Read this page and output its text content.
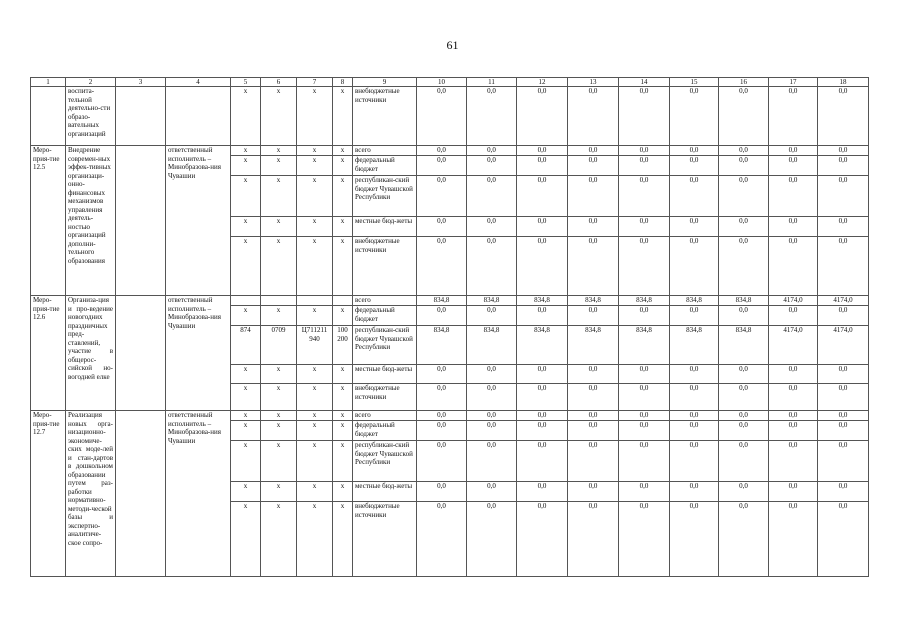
61
1	2	3	4	5	6	7	8	9	10	11	12	13	14	15	16	17	18
	воспита-тельной деятельно-сти образо-вательных организаций			x	x	x	x	внебюджетные источники	0,0	0,0	0,0	0,0	0,0	0,0	0,0	0,0	0,0
Меро-прия-тие 12.5	Внедрение современ-ных эффек-тивных организаци-онно-финансовых механизмов управления деятель-ностью организаций дополни-тельного образования		ответственный исполнитель – Минобразова-ния Чувашии	x	x	x	x	всего	0,0	0,0	0,0	0,0	0,0	0,0	0,0	0,0	0,0
				x	x	x	x	федеральный бюджет	0,0	0,0	0,0	0,0	0,0	0,0	0,0	0,0	0,0
				x	x	x	x	республикан-ский бюджет Чувашской Республики	0,0	0,0	0,0	0,0	0,0	0,0	0,0	0,0	0,0
				x	x	x	x	местные бюд-жеты	0,0	0,0	0,0	0,0	0,0	0,0	0,0	0,0	0,0
				x	x	x	x	внебюджетные источники	0,0	0,0	0,0	0,0	0,0	0,0	0,0	0,0	0,0
Меро-прия-тие 12.6	Организа-ция и про-ведение новогодних праздничных пред-ставлений, участие в общерос-сийской но-вогодней елке		ответственный исполнитель – Минобразова-ния Чувашии					всего	834,8	834,8	834,8	834,8	834,8	834,8	834,8	4174,0	4174,0
				x	x	x	x	федеральный бюджет	0,0	0,0	0,0	0,0	0,0	0,0	0,0	0,0	0,0
				874	0709	Ц711211 940	100 200	республикан-ский бюджет Чувашской Республики	834,8	834,8	834,8	834,8	834,8	834,8	834,8	4174,0	4174,0
				x	x	x	x	местные бюд-жеты	0,0	0,0	0,0	0,0	0,0	0,0	0,0	0,0	0,0
				x	x	x	x	внебюджетные источники	0,0	0,0	0,0	0,0	0,0	0,0	0,0	0,0	0,0
Меро-прия-тие 12.7	Реализация новых орга-низационно-экономиче-ских моде-лей и стан-дартов в дошкольном образовании путем раз-работки нормативно-методи-ческой базы и экспертно-аналитиче-ское сопро-		ответственный исполнитель – Минобразова-ния Чувашии	x	x	x	x	всего	0,0	0,0	0,0	0,0	0,0	0,0	0,0	0,0	0,0
				x	x	x	x	федеральный бюджет	0,0	0,0	0,0	0,0	0,0	0,0	0,0	0,0	0,0
				x	x	x	x	республикан-ский бюджет Чувашской Республики	0,0	0,0	0,0	0,0	0,0	0,0	0,0	0,0	0,0
				x	x	x	x	местные бюд-жеты	0,0	0,0	0,0	0,0	0,0	0,0	0,0	0,0	0,0
				x	x	x	x	внебюджетные источники	0,0	0,0	0,0	0,0	0,0	0,0	0,0	0,0	0,0
